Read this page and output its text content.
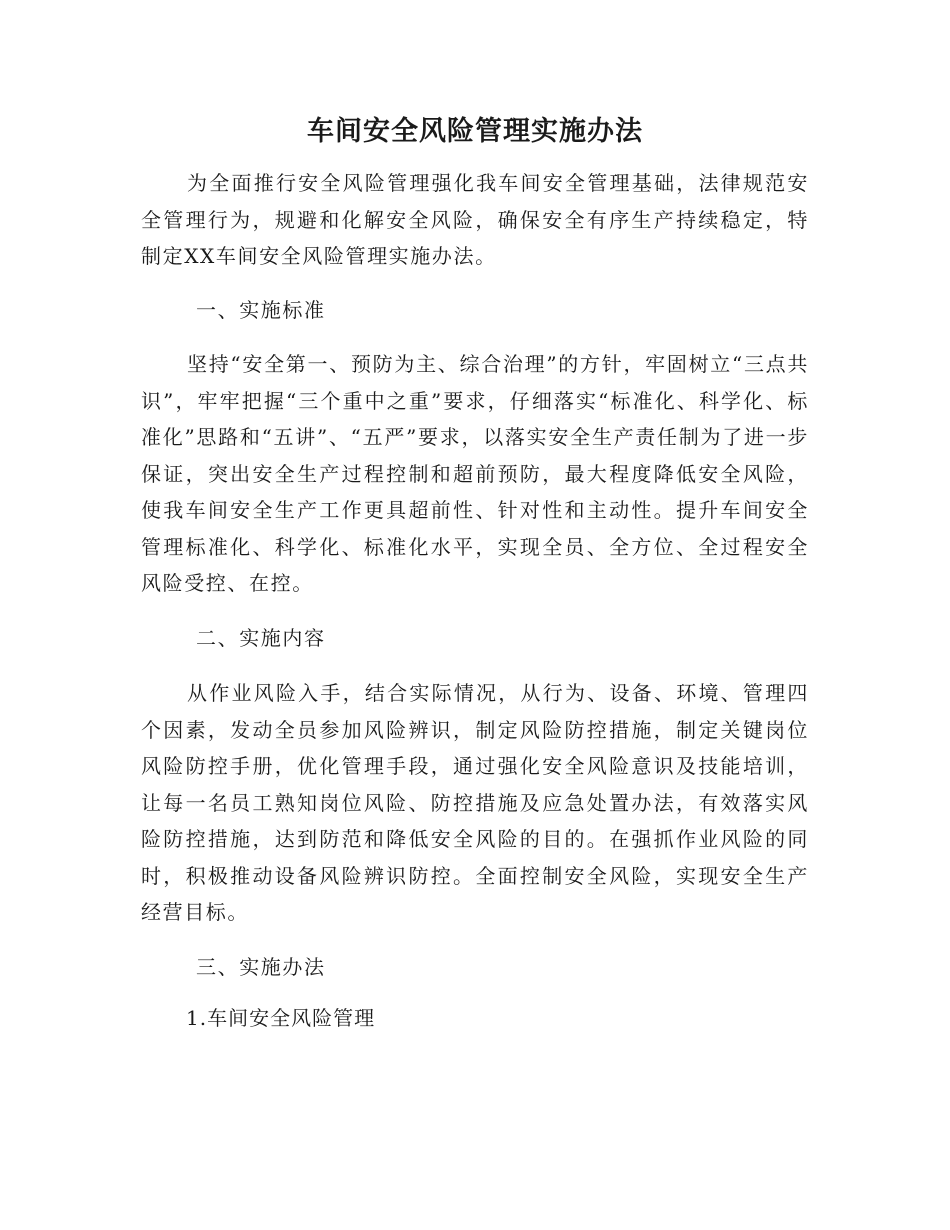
车间安全风险管理实施办法
为全面推行安全风险管理强化我车间安全管理基础，法律规范安全管理行为，规避和化解安全风险，确保安全有序生产持续稳定，特制定XX车间安全风险管理实施办法。
一、实施标准
坚持“安全第一、预防为主、综合治理”的方针，牢固树立“三点共识”，牢牢把握“三个重中之重”要求，仔细落实“标准化、科学化、标准化”思路和“五讲”、“五严”要求，以落实安全生产责任制为了进一步保证，突出安全生产过程控制和超前预防，最大程度降低安全风险，使我车间安全生产工作更具超前性、针对性和主动性。提升车间安全管理标准化、科学化、标准化水平，实现全员、全方位、全过程安全风险受控、在控。
二、实施内容
从作业风险入手，结合实际情况，从行为、设备、环境、管理四个因素，发动全员参加风险辨识，制定风险防控措施，制定关键岗位风险防控手册，优化管理手段，通过强化安全风险意识及技能培训，让每一名员工熟知岗位风险、防控措施及应急处置办法，有效落实风险防控措施，达到防范和降低安全风险的目的。在强抓作业风险的同时，积极推动设备风险辨识防控。全面控制安全风险，实现安全生产经营目标。
三、实施办法
1.车间安全风险管理
